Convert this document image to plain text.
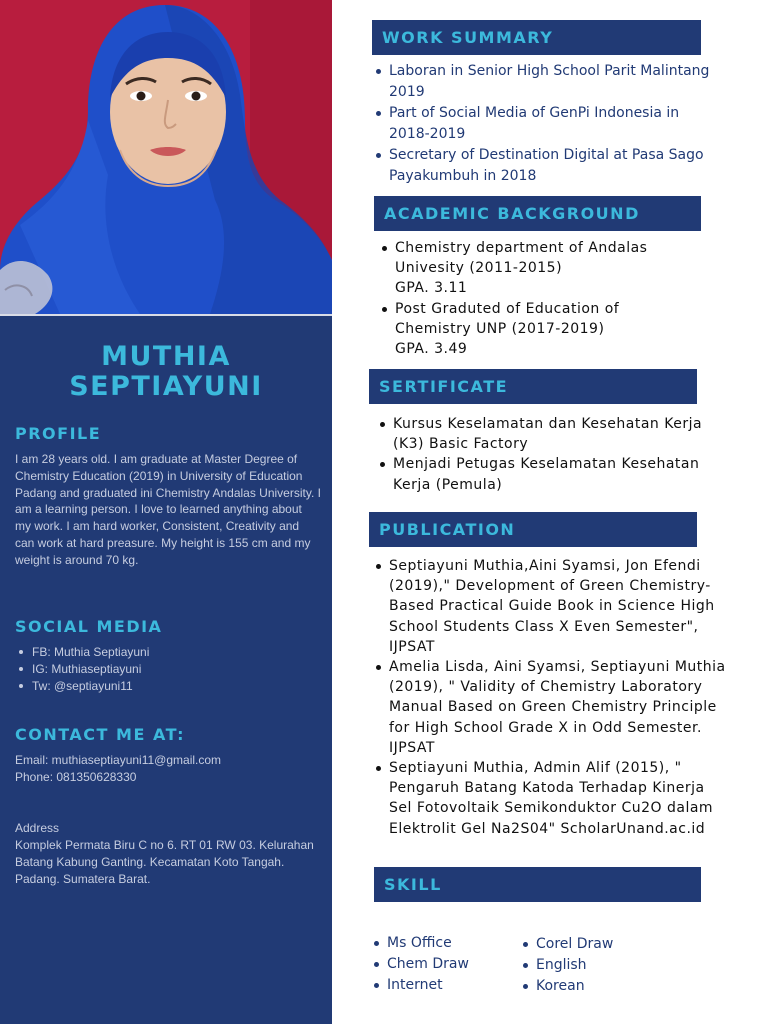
MUTHIA
SEPTIAYUNI
PROFILE
I am 28 years old. I am graduate at Master Degree of Chemistry Education (2019) in University of Education Padang and graduated ini Chemistry Andalas University. I am a learning person. I love to learned anything about my work. I am hard worker, Consistent, Creativity and can work at hard preasure. My height is 155 cm and my weight is around 70 kg.
SOCIAL MEDIA
FB: Muthia Septiayuni
IG: Muthiaseptiayuni
Tw: @septiayuni11
CONTACT ME AT:
Email: muthiaseptiayuni11@gmail.com
Phone: 081350628330
Address
Komplek Permata Biru C no 6. RT 01 RW 03. Kelurahan Batang Kabung Ganting. Kecamatan Koto Tangah. Padang. Sumatera Barat.
WORK SUMMARY
Laboran in Senior High School Parit Malintang 2019
Part of Social Media of GenPi Indonesia in 2018-2019
Secretary of Destination Digital at Pasa Sago Payakumbuh in 2018
ACADEMIC BACKGROUND
Chemistry department of Andalas
Univesity (2011-2015)
GPA. 3.11
Post Graduted of Education of
Chemistry UNP (2017-2019)
GPA. 3.49
SERTIFICATE
Kursus Keselamatan dan Kesehatan Kerja (K3) Basic Factory
Menjadi Petugas Keselamatan Kesehatan Kerja (Pemula)
PUBLICATION
Septiayuni Muthia,Aini Syamsi, Jon Efendi (2019)," Development of Green Chemistry-Based Practical Guide Book in Science High School Students Class X Even Semester", IJPSAT
Amelia Lisda, Aini Syamsi, Septiayuni Muthia (2019), " Validity of Chemistry Laboratory Manual Based on Green Chemistry Principle for High School Grade X in Odd Semester. IJPSAT
Septiayuni Muthia, Admin Alif (2015), " Pengaruh Batang Katoda Terhadap Kinerja Sel Fotovoltaik Semikonduktor Cu2O dalam Elektrolit Gel Na2S04" ScholarUnand.ac.id
SKILL
Ms Office
Chem Draw
Internet
Corel Draw
English
Korean
